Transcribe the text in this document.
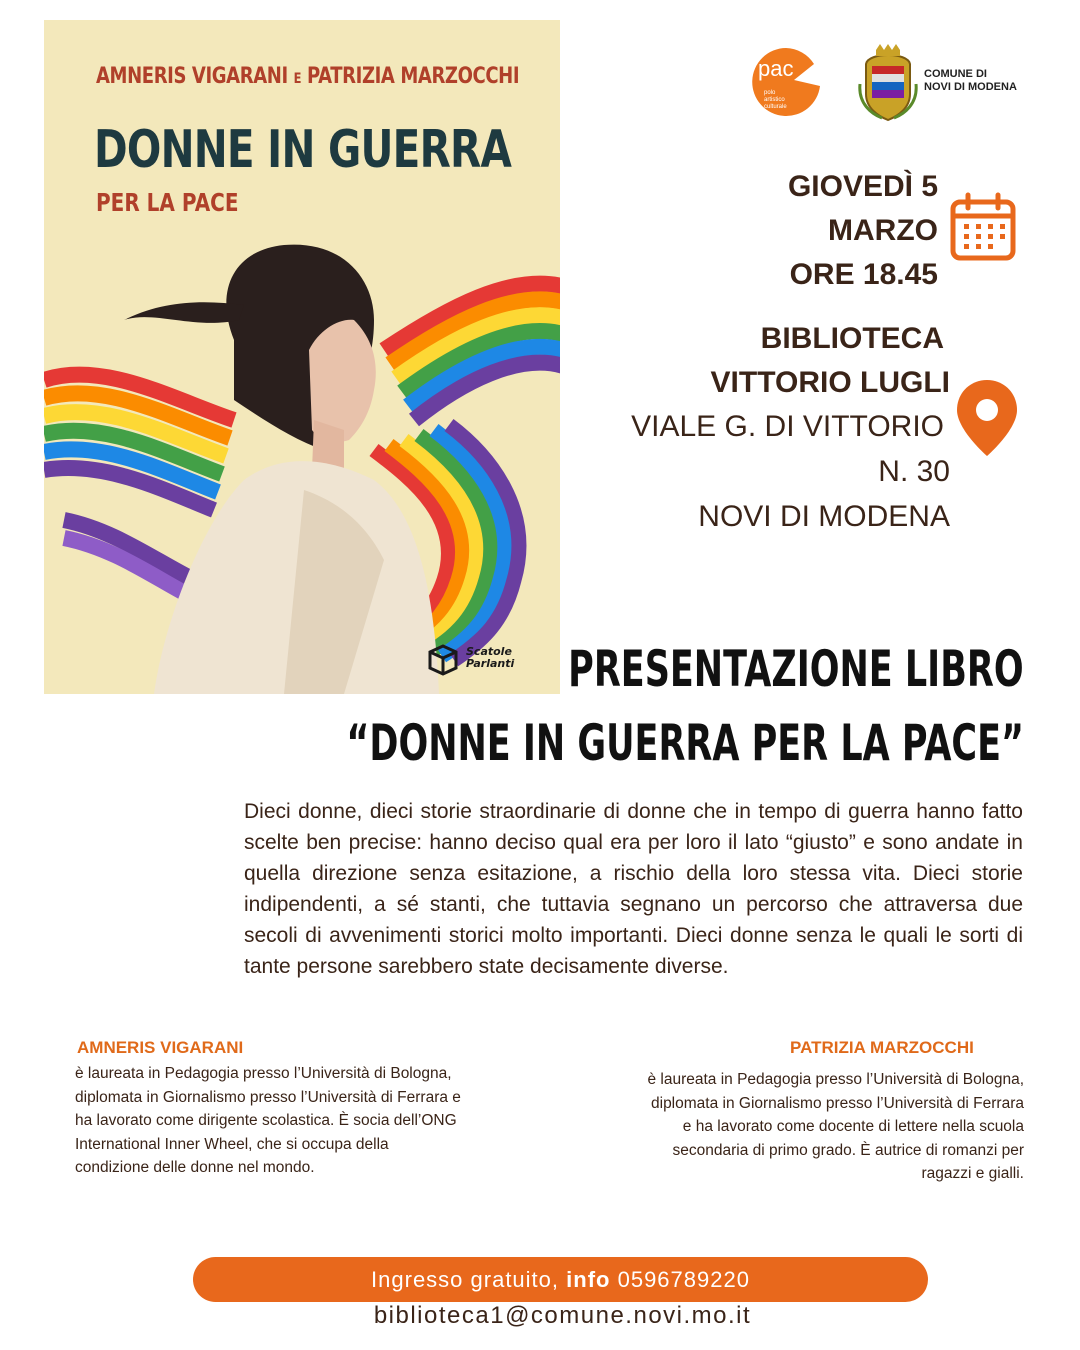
AMNERIS VIGARANI E PATRIZIA MARZOCCHI
DONNE IN GUERRA
PER LA PACE
Scatole
Parlanti
pac
polo
artistico
culturale
COMUNE DI
NOVI DI MODENA
GIOVEDÌ 5
MARZO
ORE 18.45
BIBLIOTECA
VITTORIO LUGLI
VIALE G. DI VITTORIO
N. 30
NOVI DI MODENA
PRESENTAZIONE LIBRO
“DONNE IN GUERRA PER LA PACE”
Dieci donne, dieci storie straordinarie di donne che in tempo di guerra hanno fatto scelte ben precise: hanno deciso qual era per loro il lato “giusto” e sono andate in quella direzione senza esitazione, a rischio della loro stessa vita. Dieci storie indipendenti, a sé stanti, che tuttavia segnano un percorso che attraversa due secoli di avvenimenti storici molto importanti. Dieci donne senza le quali le sorti di tante persone sarebbero state decisamente diverse.
AMNERIS VIGARANI
è laureata in Pedagogia presso l’Università di Bologna, diplomata in Giornalismo presso l’Università di Ferrara e ha lavorato come dirigente scolastica. È socia dell’ONG International Inner Wheel, che si occupa della condizione delle donne nel mondo.
PATRIZIA MARZOCCHI
è laureata in Pedagogia presso l’Università di Bologna, diplomata in Giornalismo presso l’Università di Ferrara e ha lavorato come docente di lettere nella scuola secondaria di primo grado. È autrice di romanzi per ragazzi e gialli.
Ingresso gratuito,
info
0596789220
biblioteca1@comune.novi.mo.it
